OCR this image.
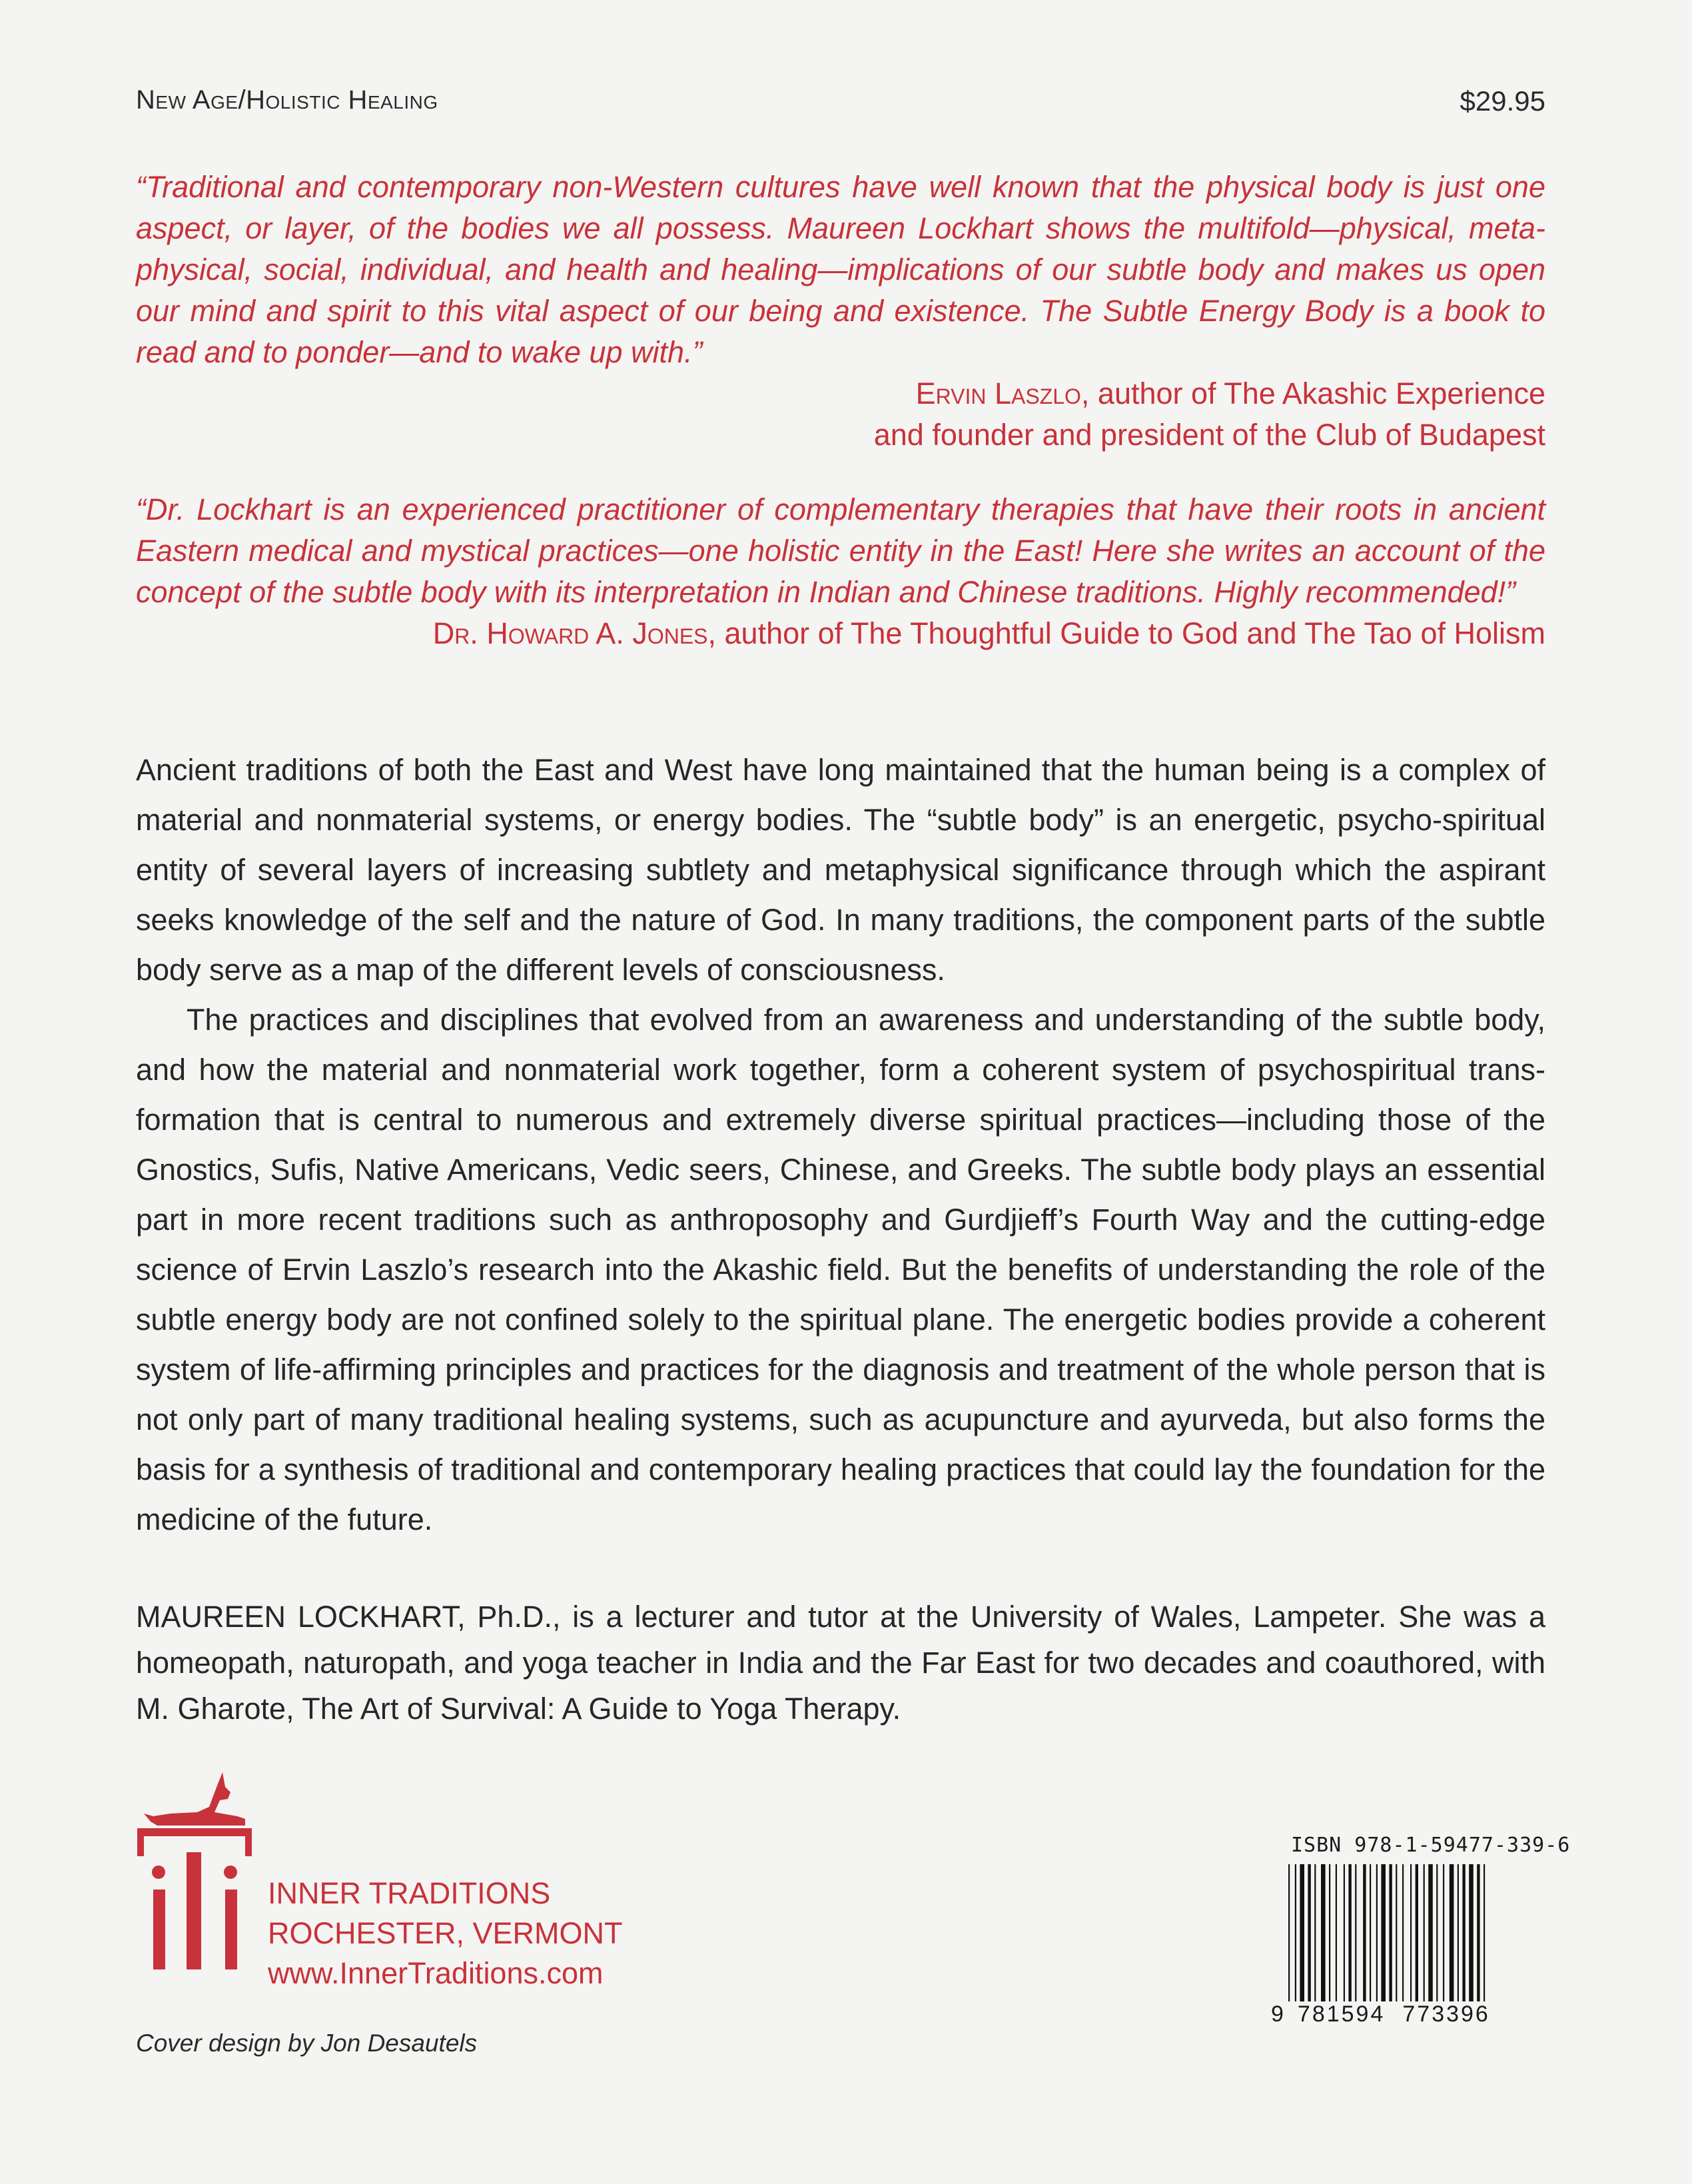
New Age/Holistic Healing	$29.95

“Traditional and contemporary non-Western cultures have well known that the physical body is just one aspect, or layer, of the bodies we all possess. Maureen Lockhart shows the multifold—physical, meta-physical, social, individual, and health and healing—implications of our subtle body and makes us open our mind and spirit to this vital aspect of our being and existence. The Subtle Energy Body is a book to read and to ponder—and to wake up with.”

Ervin Laszlo, author of The Akashic Experience

and founder and president of the Club of Budapest

“Dr. Lockhart is an experienced practitioner of complementary therapies that have their roots in ancient Eastern medical and mystical practices—one holistic entity in the East! Here she writes an account of the concept of the subtle body with its interpretation in Indian and Chinese traditions. Highly recommended!”

Dr. Howard A. Jones, author of The Thoughtful Guide to God and The Tao of Holism

Ancient traditions of both the East and West have long maintained that the human being is a complex of material and nonmaterial systems, or energy bodies. The “subtle body” is an energetic, psycho-spiritual entity of several layers of increasing subtlety and metaphysical significance through which the aspirant seeks knowledge of the self and the nature of God. In many traditions, the component parts of the subtle body serve as a map of the different levels of consciousness.

The practices and disciplines that evolved from an awareness and understanding of the subtle body, and how the material and nonmaterial work together, form a coherent system of psychospiritual trans-formation that is central to numerous and extremely diverse spiritual practices—including those of the Gnostics, Sufis, Native Americans, Vedic seers, Chinese, and Greeks. The subtle body plays an essential part in more recent traditions such as anthroposophy and Gurdjieff’s Fourth Way and the cutting-edge science of Ervin Laszlo’s research into the Akashic field. But the benefits of understanding the role of the subtle energy body are not confined solely to the spiritual plane. The energetic bodies provide a coherent system of life-affirming principles and practices for the diagnosis and treatment of the whole person that is not only part of many traditional healing systems, such as acupuncture and ayurveda, but also forms the basis for a synthesis of traditional and contemporary healing practices that could lay the foundation for the medicine of the future.

MAUREEN LOCKHART, Ph.D., is a lecturer and tutor at the University of Wales, Lampeter. She was a homeopath, naturopath, and yoga teacher in India and the Far East for two decades and coauthored, with M. Gharote, The Art of Survival: A Guide to Yoga Therapy.

INNER TRADITIONS
ROCHESTER, VERMONT
www.InnerTraditions.com
Cover design by Jon Desautels
ISBN 978-1-59477-339-6
9 781594 773396
